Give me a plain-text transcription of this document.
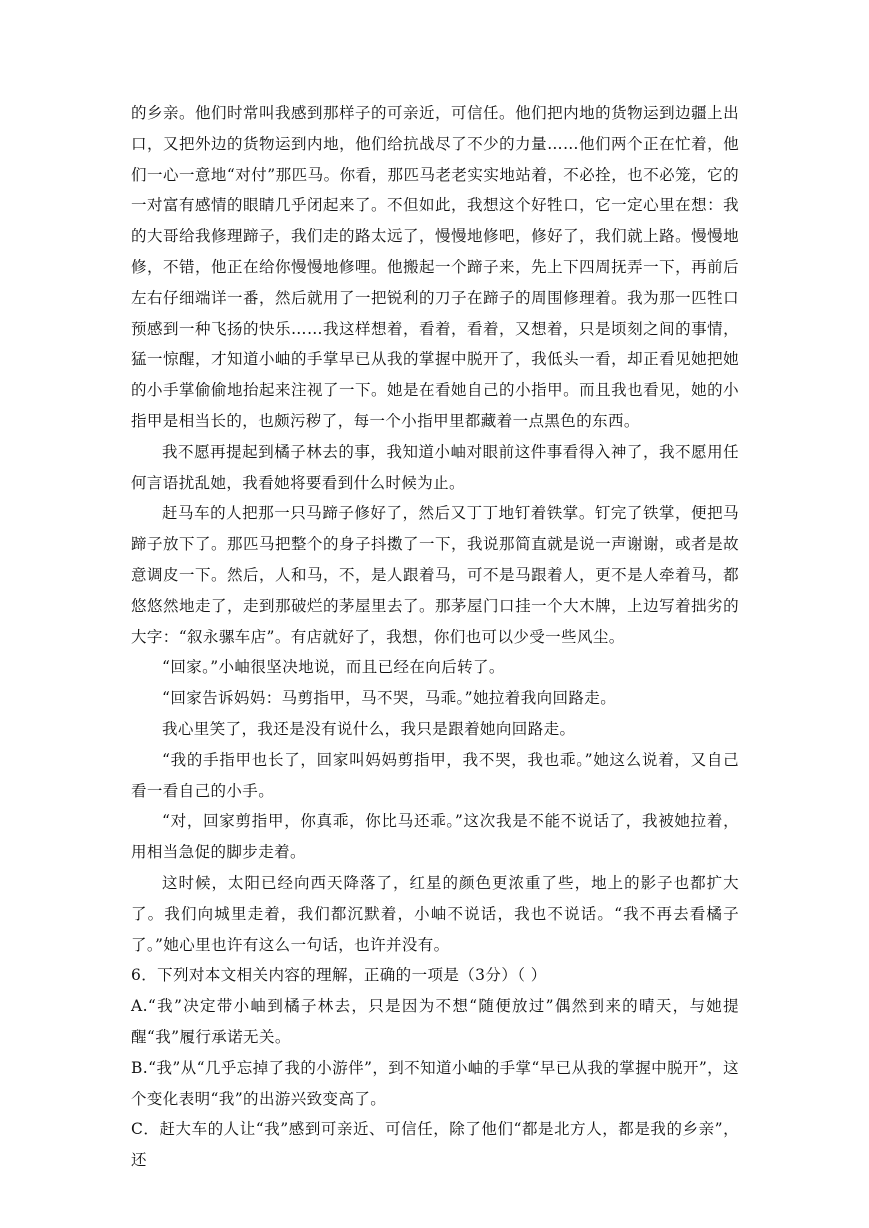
的乡亲。他们时常叫我感到那样子的可亲近，可信任。他们把内地的货物运到边疆上出口，又把外边的货物运到内地，他们给抗战尽了不少的力量……他们两个正在忙着，他们一心一意地“对付”那匹马。你看，那匹马老老实实地站着，不必拴，也不必笼，它的一对富有感情的眼睛几乎闭起来了。不但如此，我想这个好牲口，它一定心里在想：我的大哥给我修理蹄子，我们走的路太远了，慢慢地修吧，修好了，我们就上路。慢慢地修，不错，他正在给你慢慢地修哩。他搬起一个蹄子来，先上下四周抚弄一下，再前后左右仔细端详一番，然后就用了一把锐利的刀子在蹄子的周围修理着。我为那一匹牲口预感到一种飞扬的快乐……我这样想着，看着，看着，又想着，只是顷刻之间的事情，猛一惊醒，才知道小岫的手掌早已从我的掌握中脱开了，我低头一看，却正看见她把她的小手掌偷偷地抬起来注视了一下。她是在看她自己的小指甲。而且我也看见，她的小指甲是相当长的，也颇污秽了，每一个小指甲里都藏着一点黑色的东西。

我不愿再提起到橘子林去的事，我知道小岫对眼前这件事看得入神了，我不愿用任何言语扰乱她，我看她将要看到什么时候为止。

赶马车的人把那一只马蹄子修好了，然后又丁丁地钉着铁掌。钉完了铁掌，便把马蹄子放下了。那匹马把整个的身子抖擞了一下，我说那简直就是说一声谢谢，或者是故意调皮一下。然后，人和马，不，是人跟着马，可不是马跟着人，更不是人牵着马，都悠悠然地走了，走到那破烂的茅屋里去了。那茅屋门口挂一个大木牌，上边写着拙劣的大字：“叙永骡车店”。有店就好了，我想，你们也可以少受一些风尘。

“回家。”小岫很坚决地说，而且已经在向后转了。

“回家告诉妈妈：马剪指甲，马不哭，马乖。”她拉着我向回路走。

我心里笑了，我还是没有说什么，我只是跟着她向回路走。

“我的手指甲也长了，回家叫妈妈剪指甲，我不哭，我也乖。”她这么说着，又自己看一看自己的小手。

“对，回家剪指甲，你真乖，你比马还乖。”这次我是不能不说话了，我被她拉着，用相当急促的脚步走着。

这时候，太阳已经向西天降落了，红星的颜色更浓重了些，地上的影子也都扩大了。我们向城里走着，我们都沉默着，小岫不说话，我也不说话。“我不再去看橘子了。”她心里也许有这么一句话，也许并没有。

6．下列对本文相关内容的理解，正确的一项是（3分）（ ）

A.“我”决定带小岫到橘子林去，只是因为不想“随便放过”偶然到来的晴天，与她提醒“我”履行承诺无关。

B.“我”从“几乎忘掉了我的小游伴”，到不知道小岫的手掌“早已从我的掌握中脱开”，这个变化表明“我”的出游兴致变高了。

C．赶大车的人让“我”感到可亲近、可信任，除了他们“都是北方人，都是我的乡亲”，还
